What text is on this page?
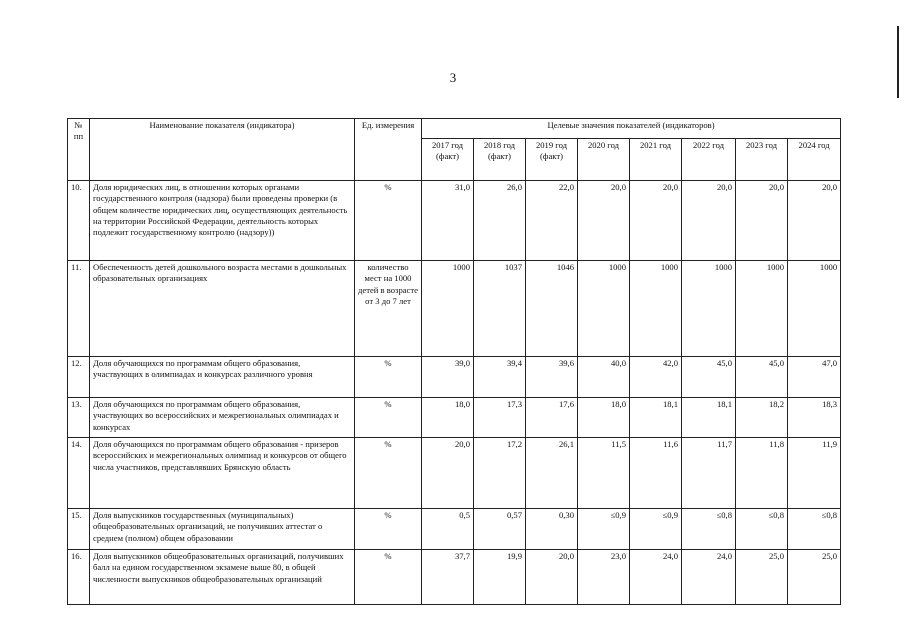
3
№ пп	Наименование показателя (индикатора)	Ед. измерения	Целевые значения показателей (индикаторов)							
			2017 год (факт)	2018 год (факт)	2019 год (факт)	2020 год	2021 год	2022 год	2023 год	2024 год
10.	Доля юридических лиц, в отношении которых органами государственного контроля (надзора) были проведены проверки (в общем количестве юридических лиц, осуществляющих деятельность на территории Российской Федерации, деятельность которых подлежит государственному контролю (надзору))	%	31,0	26,0	22,0	20,0	20,0	20,0	20,0	20,0
11.	Обеспеченность детей дошкольного возраста местами в дошкольных образовательных организациях	количество мест на 1000 детей в возрасте от 3 до 7 лет	1000	1037	1046	1000	1000	1000	1000	1000
12.	Доля обучающихся по программам общего образования, участвующих в олимпиадах и конкурсах различного уровня	%	39,0	39,4	39,6	40,0	42,0	45,0	45,0	47,0
13.	Доля обучающихся по программам общего образования, участвующих во всероссийских и межрегиональных олимпиадах и конкурсах	%	18,0	17,3	17,6	18,0	18,1	18,1	18,2	18,3
14.	Доля обучающихся по программам общего образования - призеров всероссийских и межрегиональных олимпиад и конкурсов от общего числа участников, представлявших Брянскую область	%	20,0	17,2	26,1	11,5	11,6	11,7	11,8	11,9
15.	Доля выпускников государственных (муниципальных) общеобразовательных организаций, не получивших аттестат о среднем (полном) общем образовании	%	0,5	0,57	0,30	≤0,9	≤0,9	≤0,8	≤0,8	≤0,8
16.	Доля выпускников общеобразовательных организаций, получивших балл на едином государственном экзамене выше 80, в общей численности выпускников общеобразовательных организаций	%	37,7	19,9	20,0	23,0	24,0	24,0	25,0	25,0
